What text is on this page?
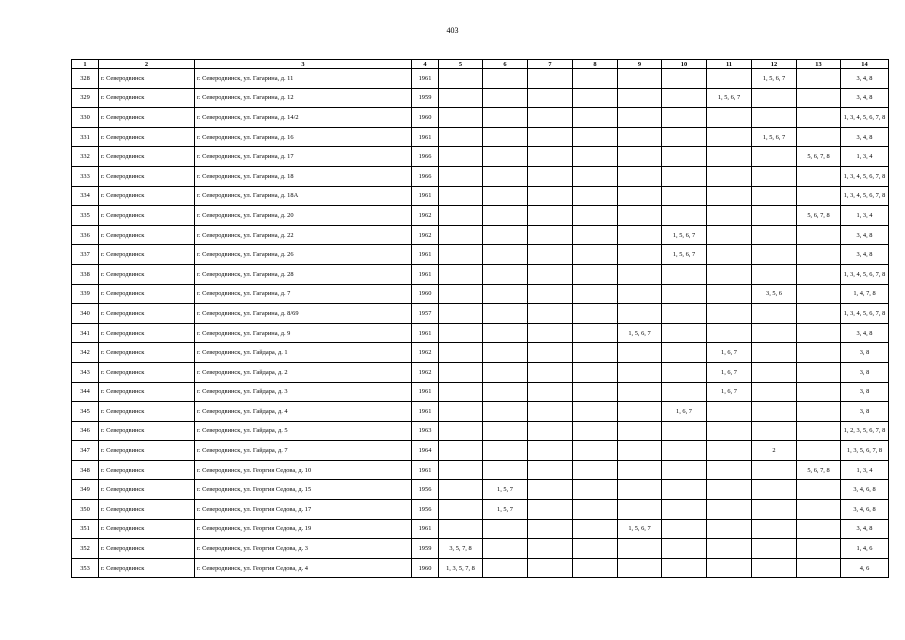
403
1	2	3	4	5	6	7	8	9	10	11	12	13	14
328	г. Северодвинск	г. Северодвинск, ул. Гагарина, д. 11	1961								1, 5, 6, 7		3, 4, 8
329	г. Северодвинск	г. Северодвинск, ул. Гагарина, д. 12	1959							1, 5, 6, 7			3, 4, 8
330	г. Северодвинск	г. Северодвинск, ул. Гагарина, д. 14/2	1960										1, 3, 4, 5, 6, 7, 8
331	г. Северодвинск	г. Северодвинск, ул. Гагарина, д. 16	1961								1, 5, 6, 7		3, 4, 8
332	г. Северодвинск	г. Северодвинск, ул. Гагарина, д. 17	1966									5, 6, 7, 8	1, 3, 4
333	г. Северодвинск	г. Северодвинск, ул. Гагарина, д. 18	1966										1, 3, 4, 5, 6, 7, 8
334	г. Северодвинск	г. Северодвинск, ул. Гагарина, д. 18А	1961										1, 3, 4, 5, 6, 7, 8
335	г. Северодвинск	г. Северодвинск, ул. Гагарина, д. 20	1962									5, 6, 7, 8	1, 3, 4
336	г. Северодвинск	г. Северодвинск, ул. Гагарина, д. 22	1962						1, 5, 6, 7				3, 4, 8
337	г. Северодвинск	г. Северодвинск, ул. Гагарина, д. 26	1961						1, 5, 6, 7				3, 4, 8
338	г. Северодвинск	г. Северодвинск, ул. Гагарина, д. 28	1961										1, 3, 4, 5, 6, 7, 8
339	г. Северодвинск	г. Северодвинск, ул. Гагарина, д. 7	1960								3, 5, 6		1, 4, 7, 8
340	г. Северодвинск	г. Северодвинск, ул. Гагарина, д. 8/69	1957										1, 3, 4, 5, 6, 7, 8
341	г. Северодвинск	г. Северодвинск, ул. Гагарина, д. 9	1961					1, 5, 6, 7					3, 4, 8
342	г. Северодвинск	г. Северодвинск, ул. Гайдара, д. 1	1962							1, 6, 7			3, 8
343	г. Северодвинск	г. Северодвинск, ул. Гайдара, д. 2	1962							1, 6, 7			3, 8
344	г. Северодвинск	г. Северодвинск, ул. Гайдара, д. 3	1961							1, 6, 7			3, 8
345	г. Северодвинск	г. Северодвинск, ул. Гайдара, д. 4	1961						1, 6, 7				3, 8
346	г. Северодвинск	г. Северодвинск, ул. Гайдара, д. 5	1963										1, 2, 3, 5, 6, 7, 8
347	г. Северодвинск	г. Северодвинск, ул. Гайдара, д. 7	1964								2		1, 3, 5, 6, 7, 8
348	г. Северодвинск	г. Северодвинск, ул. Георгия Седова, д. 10	1961									5, 6, 7, 8	1, 3, 4
349	г. Северодвинск	г. Северодвинск, ул. Георгия Седова, д. 15	1956		1, 5, 7								3, 4, 6, 8
350	г. Северодвинск	г. Северодвинск, ул. Георгия Седова, д. 17	1956		1, 5, 7								3, 4, 6, 8
351	г. Северодвинск	г. Северодвинск, ул. Георгия Седова, д. 19	1961					1, 5, 6, 7					3, 4, 8
352	г. Северодвинск	г. Северодвинск, ул. Георгия Седова, д. 3	1959	3, 5, 7, 8									1, 4, 6
353	г. Северодвинск	г. Северодвинск, ул. Георгия Седова, д. 4	1960	1, 3, 5, 7, 8									4, 6
